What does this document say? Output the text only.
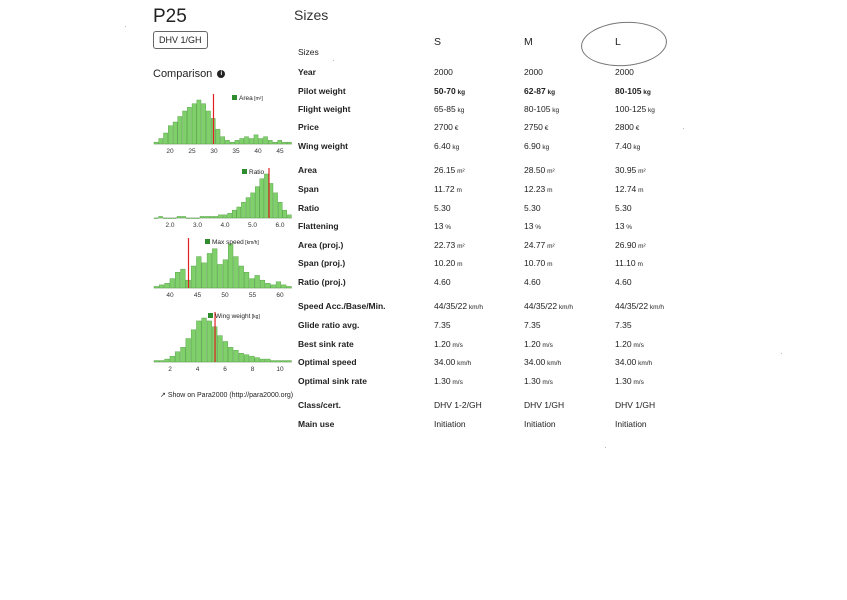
P25
DHV 1/GH
Comparison i
Area [m²]
20 25 30 35 40 45
Ratio
2.0	3.0	4.0	5.0	6.0
Max speed [km/h]
40	45	50	55	60
Wing weight [kg]
2	4	6	8	10
↗ Show on Para2000 (http://para2000.org)
Sizes
S	M	L
Sizes
Year	2000	2000	2000
Pilot weight	50-70 kg	62-87 kg	80-105 kg
Flight weight	65-85 kg	80-105 kg	100-125 kg
Price	2700 €	2750 €	2800 €
Wing weight	6.40 kg	6.90 kg	7.40 kg
Area	26.15 m²	28.50 m²	30.95 m²
Span	11.72 m	12.23 m	12.74 m
Ratio	5.30	5.30	5.30
Flattening	13 %	13 %	13 %
Area (proj.)	22.73 m²	24.77 m²	26.90 m²
Span (proj.)	10.20 m	10.70 m	11.10 m
Ratio (proj.)	4.60	4.60	4.60
Speed Acc./Base/Min.	44/35/22 km/h	44/35/22 km/h	44/35/22 km/h
Glide ratio avg.	7.35	7.35	7.35
Best sink rate	1.20 m/s	1.20 m/s	1.20 m/s
Optimal speed	34.00 km/h	34.00 km/h	34.00 km/h
Optimal sink rate	1.30 m/s	1.30 m/s	1.30 m/s
Class/cert.	DHV 1-2/GH	DHV 1/GH	DHV 1/GH
Main use	Initiation	Initiation	Initiation
